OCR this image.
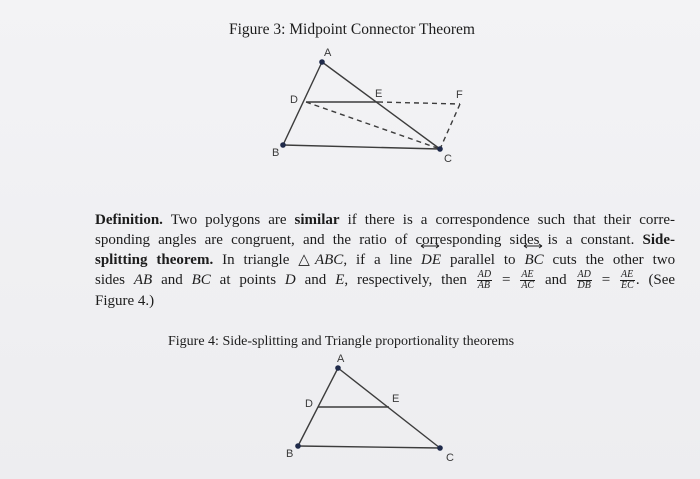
Figure 3: Midpoint Connector Theorem
A
B	C
D	E	F
Definition. Two polygons are similar if there is a correspondence such that their corre-
sponding angles are congruent, and the ratio of corresponding sides is a constant. Side-
splitting theorem. In triangle △ABC, if a line DE parallel to BC cuts the other two
sides AB and BC at points D and E, respectively, then $\frac{AD}{AB} = \frac{AE}{AC}$ and $\frac{AD}{DB} = \frac{AE}{EC}$ . (See
Figure 4.)
Figure 4: Side-splitting and Triangle proportionality theorems
A
B	C
D	E
